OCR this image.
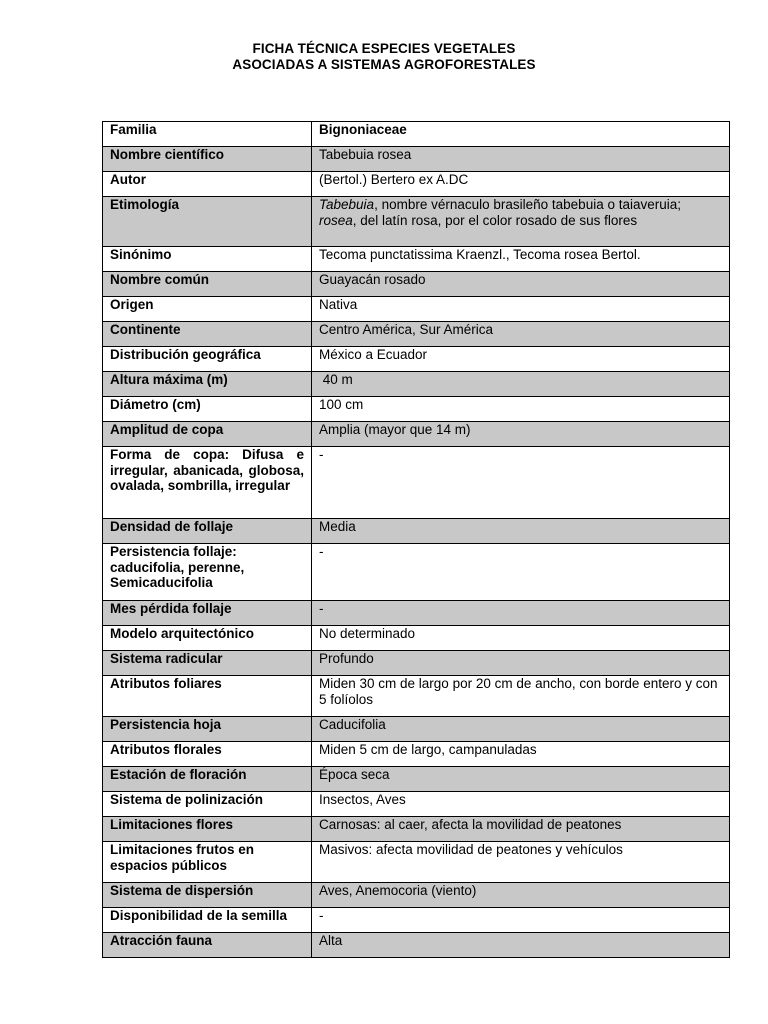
FICHA TÉCNICA ESPECIES VEGETALES
ASOCIADAS A SISTEMAS AGROFORESTALES
Familia	Bignoniaceae
Nombre científico	Tabebuia rosea
Autor	(Bertol.) Bertero ex A.DC
Etimología	Tabebuia, nombre vérnaculo brasileño tabebuia o taiaveruia; rosea, del latín rosa, por el color rosado de sus flores
Sinónimo	Tecoma punctatissima Kraenzl., Tecoma rosea Bertol.
Nombre común	Guayacán rosado
Origen	Nativa
Continente	Centro América, Sur América
Distribución geográfica	México a Ecuador
Altura máxima (m)	40 m
Diámetro (cm)	100 cm
Amplitud de copa	Amplia (mayor que 14 m)
Forma de copa: Difusa e irregular, abanicada, globosa, ovalada, sombrilla, irregular	-
Densidad de follaje	Media
Persistencia follaje: caducifolia, perenne, Semicaducifolia	-
Mes pérdida follaje	-
Modelo arquitectónico	No determinado
Sistema radicular	Profundo
Atributos foliares	Miden 30 cm de largo por 20 cm de ancho, con borde entero y con 5 folíolos
Persistencia hoja	Caducifolia
Atributos florales	Miden 5 cm de largo, campanuladas
Estación de floración	Época seca
Sistema de polinización	Insectos, Aves
Limitaciones flores	Carnosas: al caer, afecta la movilidad de peatones
Limitaciones frutos en espacios públicos	Masivos: afecta movilidad de peatones y vehículos
Sistema de dispersión	Aves, Anemocoria (viento)
Disponibilidad de la semilla	-
Atracción fauna	Alta
